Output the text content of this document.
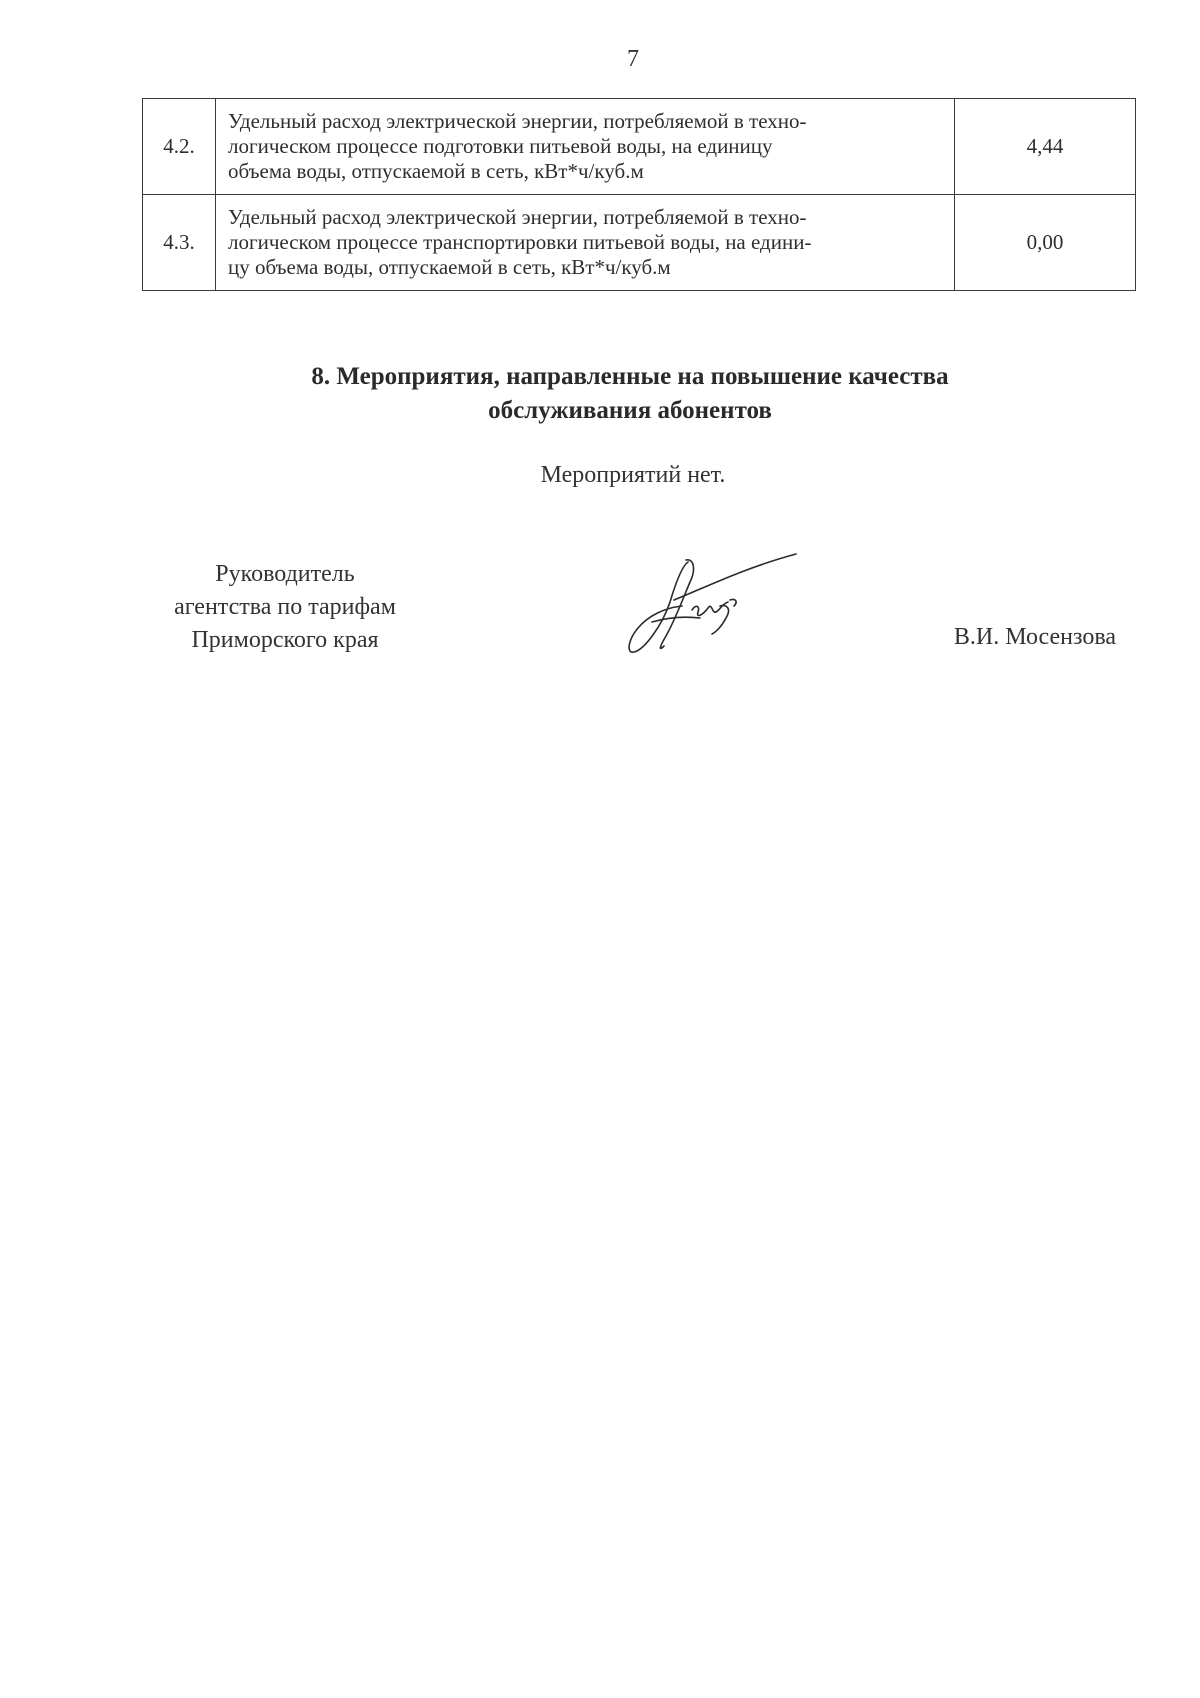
7
4.2.	Удельный расход электрической энергии, потребляемой в техно-
логическом процессе подготовки питьевой воды, на единицу
объема воды, отпускаемой в сеть, кВт*ч/куб.м	4,44
4.3.	Удельный расход электрической энергии, потребляемой в техно-
логическом процессе транспортировки питьевой воды, на едини-
цу объема воды, отпускаемой в сеть, кВт*ч/куб.м	0,00
8. Мероприятия, направленные на повышение качества
обслуживания абонентов
Мероприятий нет.
Руководитель
агентства по тарифам
Приморского края	В.И. Мосензова
